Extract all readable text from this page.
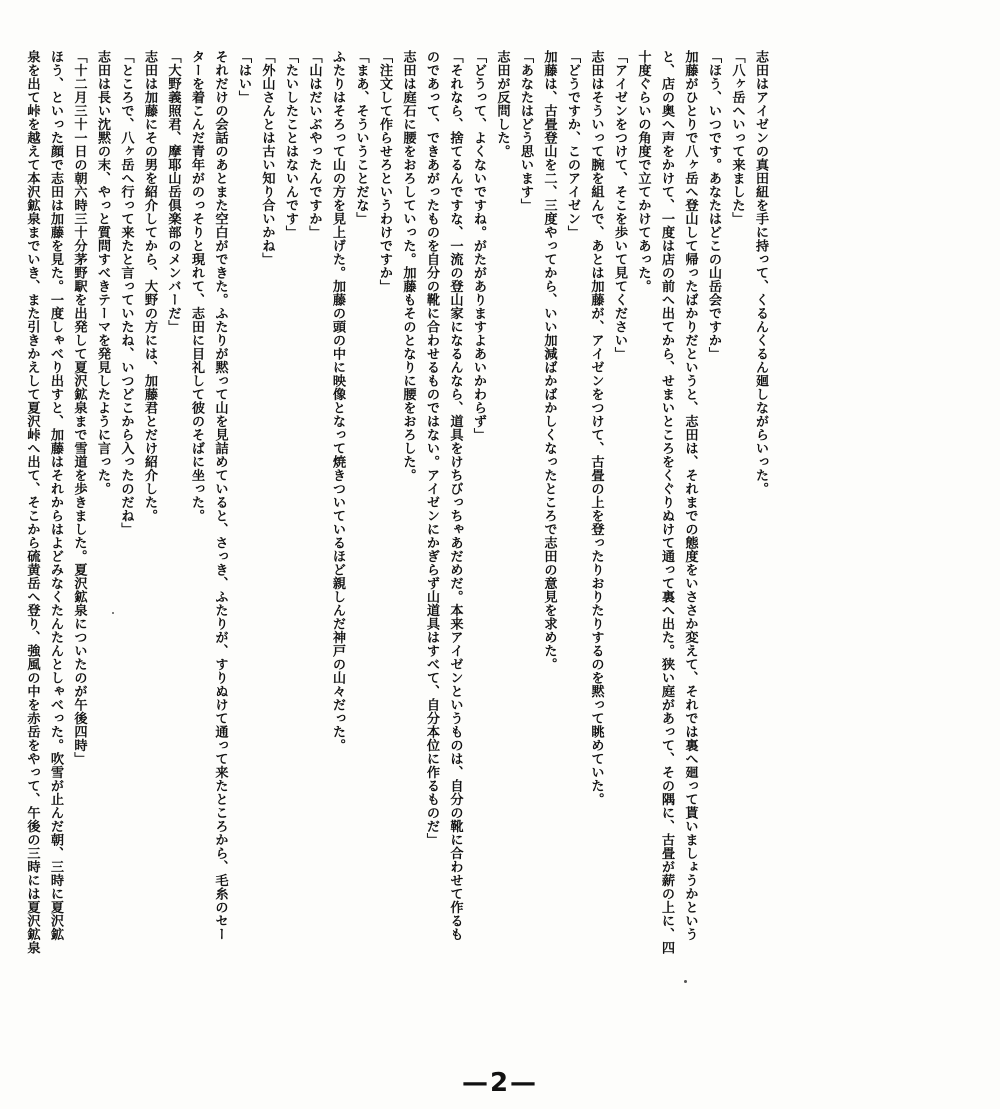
志田はアイゼンの真田紐を手に持って、くるんくるん廻しながらいった。
「八ヶ岳へいって来ました」
「ほう、いつです。あなたはどこの山岳会ですか」
加藤がひとりで八ヶ岳へ登山して帰ったばかりだというと、志田は、それまでの態度をいささか変えて、それでは裏へ廻って貰いましょうかという
と、店の奥へ声をかけて、一度は店の前へ出てから、せまいところをくぐりぬけて通って裏へ出た。狭い庭があって、その隅に、古畳が薪の上に、四
十度ぐらいの角度で立てかけてあった。
「アイゼンをつけて、そこを歩いて見てください」
志田はそういって腕を組んで、あとは加藤が、アイゼンをつけて、古畳の上を登ったりおりたりするのを黙って眺めていた。
「どうですか、このアイゼン」
加藤は、古畳登山を二、三度やってから、いい加減ばかばかしくなったところで志田の意見を求めた。
「あなたはどう思います」
志田が反問した。
「どうって、よくないですね。がたがありますよあいかわらず」
「それなら、捨てるんですな、一流の登山家になるんなら、道具をけちびっちゃあだめだ。本来アイゼンというものは、自分の靴に合わせて作るも
のであって、できあがったものを自分の靴に合わせるものではない。アイゼンにかぎらず山道具はすべて、自分本位に作るものだ」
志田は庭石に腰をおろしていった。加藤もそのとなりに腰をおろした。
「注文して作らせろというわけですか」
「まあ、そういうことだな」
ふたりはそろって山の方を見上げた。加藤の頭の中に映像となって焼きついているほど親しんだ神戸の山々だった。
「山はだいぶやったんですか」
「たいしたことはないんです」
「外山さんとは古い知り合いかね」
「はい」
それだけの会話のあとまた空白ができた。ふたりが黙って山を見詰めていると、さっき、ふたりが、すりぬけて通って来たところから、毛糸のセー
ターを着こんだ青年がのっそりと現れて、志田に目礼して彼のそばに坐った。
「大野義照君、摩耶山岳倶楽部のメンバーだ」
志田は加藤にその男を紹介してから、大野の方には、加藤君とだけ紹介した。
「ところで、八ヶ岳へ行って来たと言っていたね、いつどこから入ったのだね」
志田は長い沈黙の末、やっと質問すべきテーマを発見したように言った。
「十二月三十一日の朝六時三十分茅野駅を出発して夏沢鉱泉まで雪道を歩きました。夏沢鉱泉についたのが午後四時」
ほう、といった顔で志田は加藤を見た。一度しゃべり出すと、加藤はそれからはよどみなくたんたんとしゃべった。吹雪が止んだ朝、三時に夏沢鉱
泉を出て峠を越えて本沢鉱泉までいき、また引きかえして夏沢峠へ出て、そこから硫黄岳へ登り、強風の中を赤岳をやって、午後の三時には夏沢鉱泉
—2—
